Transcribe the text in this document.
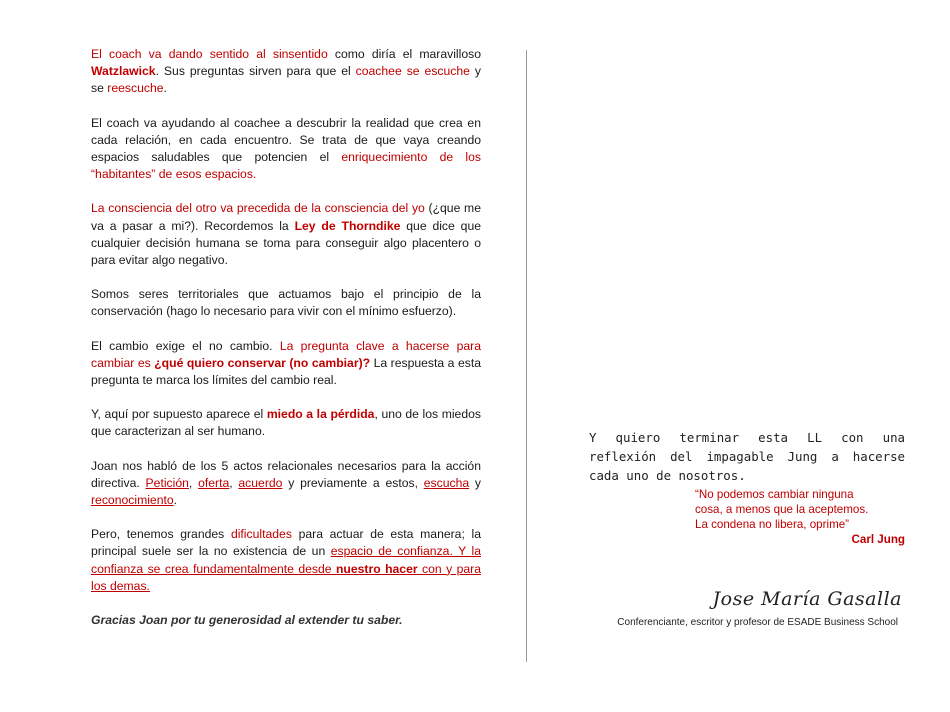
El coach va dando sentido al sinsentido como diría el maravilloso Watzlawick. Sus preguntas sirven para que el coachee se escuche y se reescuche.

El coach va ayudando al coachee a descubrir la realidad que crea en cada relación, en cada encuentro. Se trata de que vaya creando espacios saludables que potencien el enriquecimiento de los “habitantes” de esos espacios.

La consciencia del otro va precedida de la consciencia del yo (¿que me va a pasar a mi?). Recordemos la Ley de Thorndike que dice que cualquier decisión humana se toma para conseguir algo placentero o para evitar algo negativo.

Somos seres territoriales que actuamos bajo el principio de la conservación (hago lo necesario para vivir con el mínimo esfuerzo).

El cambio exige el no cambio. La pregunta clave a hacerse para cambiar es ¿qué quiero conservar (no cambiar)? La respuesta a esta pregunta te marca los límites del cambio real.

Y, aquí por supuesto aparece el miedo a la pérdida, uno de los miedos que caracterizan al ser humano.

Joan nos habló de los 5 actos relacionales necesarios para la acción directiva. Petición, oferta, acuerdo y previamente a estos, escucha y reconocimiento.

Pero, tenemos grandes dificultades para actuar de esta manera; la principal suele ser la no existencia de un espacio de confianza. Y la confianza se crea fundamentalmente desde nuestro hacer con y para los demas.

Gracias Joan por tu generosidad al extender tu saber.

Y quiero terminar esta LL con una reflexión del impagable Jung a hacerse cada uno de nosotros.
“No podemos cambiar ninguna
cosa, a menos que la aceptemos.
La condena no libera, oprime”
Carl Jung
Jose María Gasalla
Conferenciante, escritor y profesor de ESADE Business School
